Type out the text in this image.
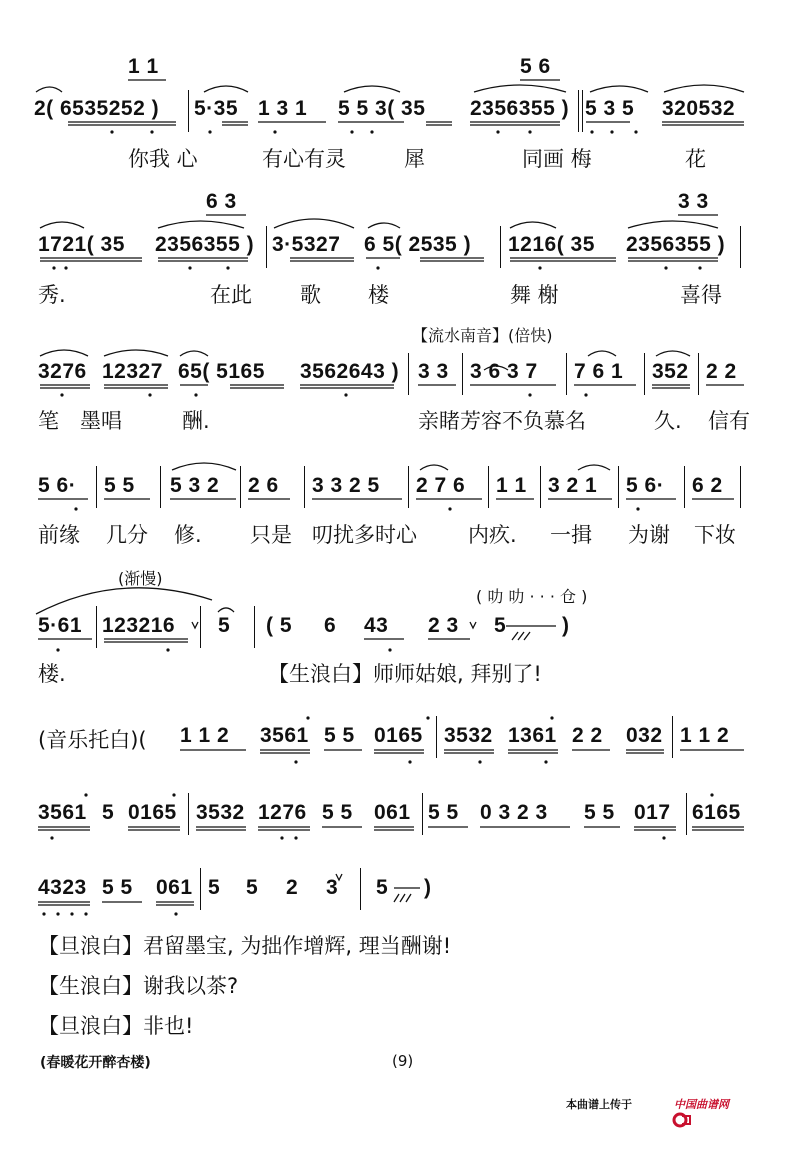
1 1	5 6
2( 6535252 ) 5·35 1 3 1 5 5 3( 35 2356355 ) 5 3 5 320532
你我 心	有心有灵	犀	同画 梅	花
6 3	3 3
1721( 35 2356355 ) 3·5327 6 5( 2535 ) 1216( 35 2356355 )
秀.	在此 歌 楼	舞 榭	喜得
【流水南音】(倍快)
3276 12327 65( 5165 3562643 ) 3 3 3 6 3 7 7 6 1 352 2 2
笔 墨唱	酬.	亲睹芳容不负慕名	久. 信有
5 6· 5 5 5 3 2 2 6 3 3 2 5 2 7 6 1 1 3 2 1 5 6· 6 2
前缘 几分 修. 只是 叨扰多时心 内疚. 一揖 为谢 下妆
(渐慢)
( 叻 叻 · · · 仓 )
5·61 123216 5 ( 5 6 43 2 3 5	)
楼.	【生浪白】师师姑娘, 拜别了!
(音乐托白)( 1 1 2 3561 5 5 0165 3532 1361 2 2 032 1 1 2
3561 5 0165 3532 1276 5 5 061 5 5 0 3 2 3 5 5 017 6165
4323 5 5 061 5 5 2 3 5 )
【旦浪白】君留墨宝, 为拙作增辉, 理当酬谢!
【生浪白】谢我以茶?
【旦浪白】非也!
(春暖花开醉杏楼)	(9)
本曲谱上传于

	中国曲谱网
